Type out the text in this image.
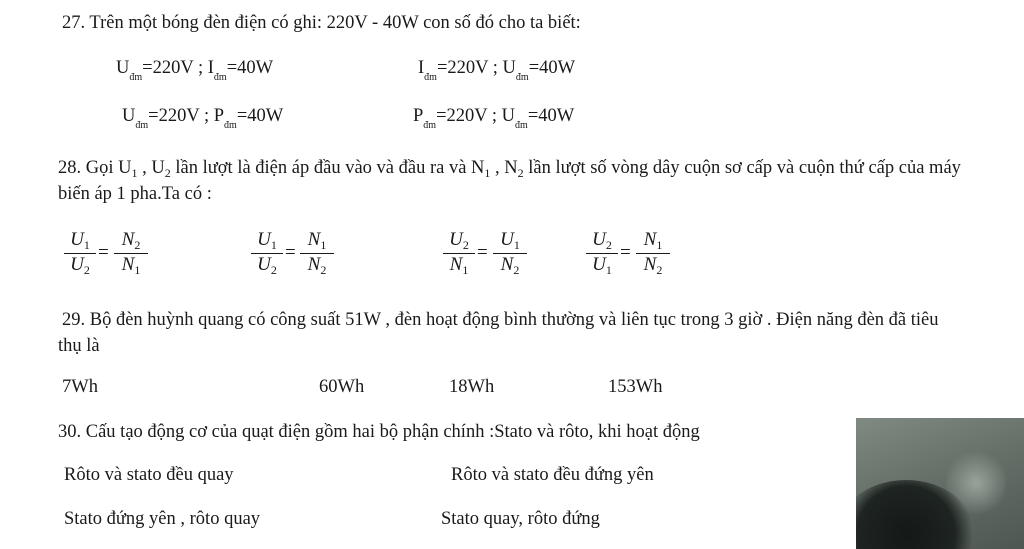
27. Trên một bóng đèn điện có ghi: 220V - 40W con số đó cho ta biết:
$U_{đm}=220V$ ; $I_{đm}=40W$	$I_{đm}=220V$ ; $U_{đm}=40W$
$U_{đm}=220V$ ; $P_{đm}=40W$	$P_{đm}=220V$ ; $U_{đm}=40W$
28. Gọi $U_1$ , $U_2$ lần lượt là điện áp đầu vào và đầu ra và $N_1$ , $N_2$ lần lượt số vòng dây cuộn sơ cấp và cuộn thứ cấp của máy
biến áp 1 pha.Ta có :
$U_1$
$U_2$
=
$N_2$
$N_1$
$U_1$
$U_2$
=
$N_1$
$N_2$
$U_2$
$N_1$
=
$U_1$
$N_2$
$U_2$
$U_1$
=
$N_1$
$N_2$
29. Bộ đèn huỳnh quang có công suất 51W , đèn hoạt động bình thường và liên tục trong 3 giờ . Điện năng đèn đã tiêu
thụ là
7Wh	60Wh	18Wh	153Wh
30. Cấu tạo động cơ của quạt điện gồm hai bộ phận chính :Stato và rôto, khi hoạt động
Rôto và stato đều quay	Rôto và stato đều đứng yên
Stato đứng yên , rôto quay	Stato quay, rôto đứng
